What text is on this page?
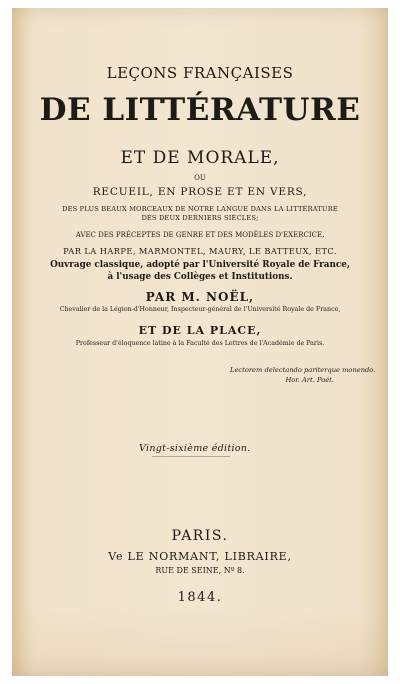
LEÇONS FRANÇAISES
DE LITTÉRATURE
ET DE MORALE,
OU
RECUEIL, EN PROSE ET EN VERS,
DES PLUS BEAUX MORCEAUX DE NOTRE LANGUE DANS LA LITTÉRATURE
DES DEUX DERNIERS SIÈCLES;
AVEC DES PRÉCEPTES DE GENRE ET DES MODÈLES D'EXERCICE,
PAR LA HARPE, MARMONTEL, MAURY, LE BATTEUX, ETC.
Ouvrage classique, adopté par l'Université Royale de France,
à l'usage des Collèges et Institutions.
PAR M. NOËL,
Chevalier de la Légion-d'Honneur, Inspecteur-général de l'Université Royale de France,
ET DE LA PLACE,
Professeur d'éloquence latine à la Faculté des Lettres de l'Académie de Paris.
Lectorem delectando pariterque monendo.
Hor. Art. Poét.
Vingt-sixième édition.
PARIS.
Ve LE NORMANT, LIBRAIRE,
RUE DE SEINE, Nº 8.
1844.
